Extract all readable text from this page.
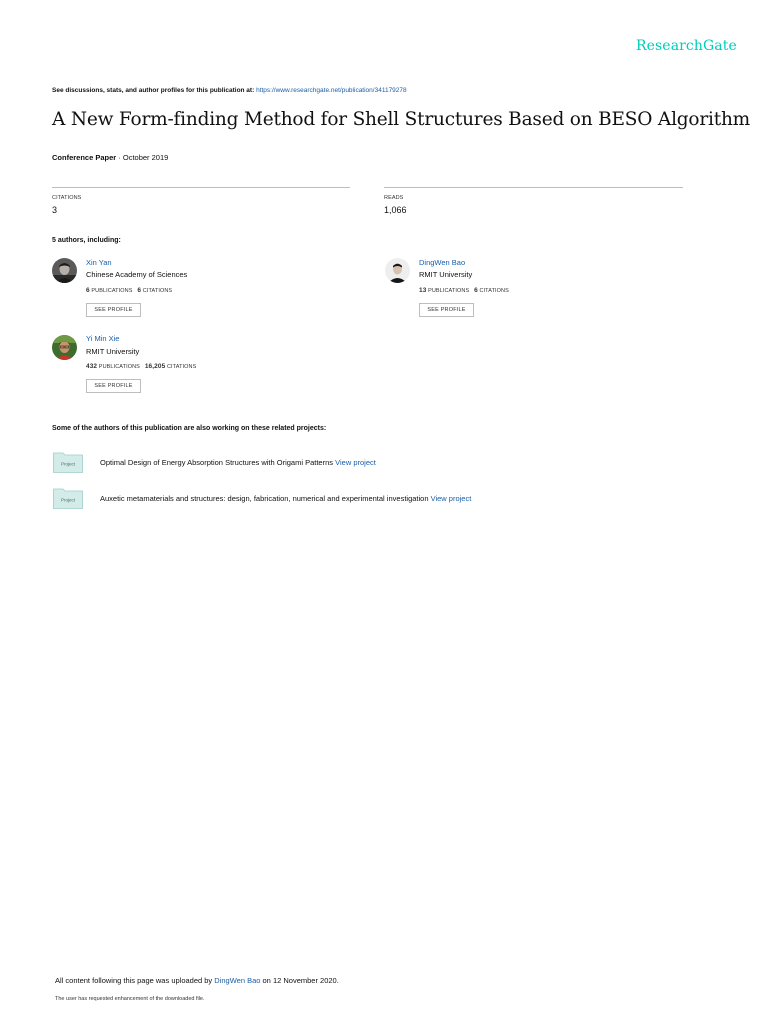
ResearchGate
See discussions, stats, and author profiles for this publication at: https://www.researchgate.net/publication/341179278
A New Form-finding Method for Shell Structures Based on BESO Algorithm
Conference Paper · October 2019
CITATIONS
3
READS
1,066
5 authors, including:
Xin Yan
Chinese Academy of Sciences
6 PUBLICATIONS 6 CITATIONS
SEE PROFILE
DingWen Bao
RMIT University
13 PUBLICATIONS 6 CITATIONS
SEE PROFILE
Yi Min Xie
RMIT University
432 PUBLICATIONS 16,205 CITATIONS
SEE PROFILE
Some of the authors of this publication are also working on these related projects:
Project	Optimal Design of Energy Absorption Structures with Origami Patterns View project
Project	Auxetic metamaterials and structures: design, fabrication, numerical and experimental investigation View project
All content following this page was uploaded by DingWen Bao on 12 November 2020.
The user has requested enhancement of the downloaded file.
